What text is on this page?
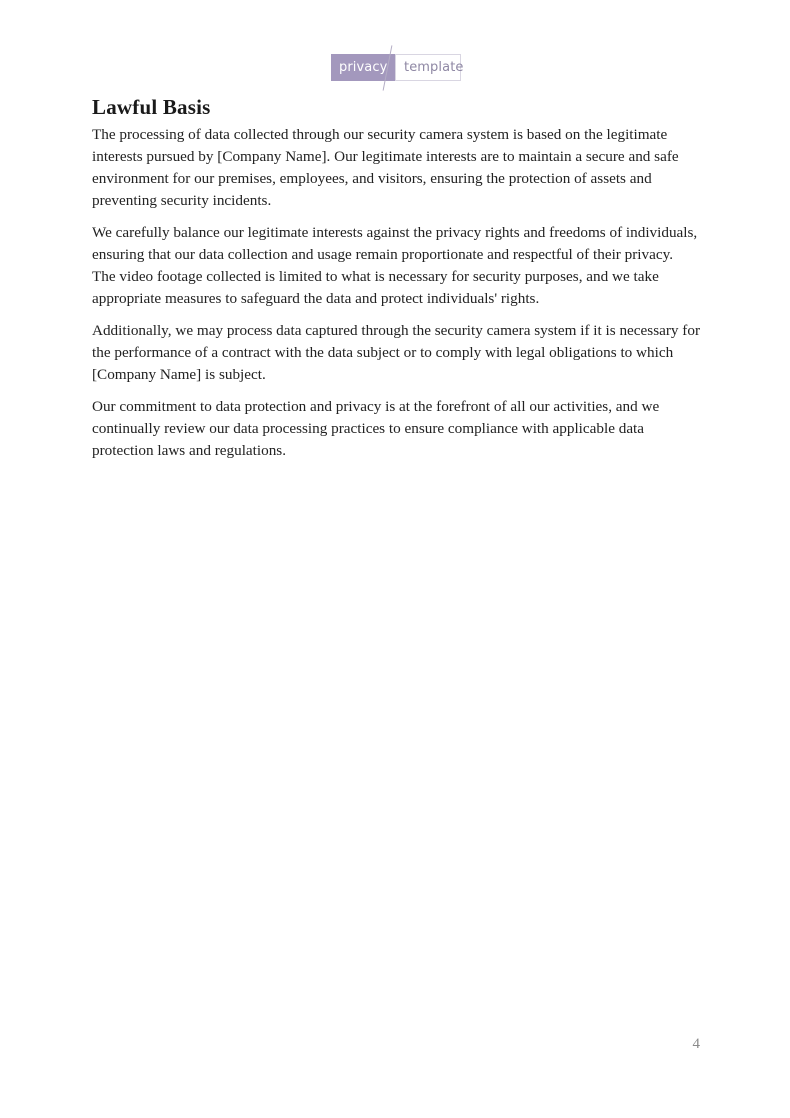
privacy template
Lawful Basis

The processing of data collected through our security camera system is based on the legitimate interests pursued by [Company Name]. Our legitimate interests are to maintain a secure and safe environment for our premises, employees, and visitors, ensuring the protection of assets and preventing security incidents.

We carefully balance our legitimate interests against the privacy rights and freedoms of individuals, ensuring that our data collection and usage remain proportionate and respectful of their privacy. The video footage collected is limited to what is necessary for security purposes, and we take appropriate measures to safeguard the data and protect individuals' rights.

Additionally, we may process data captured through the security camera system if it is necessary for the performance of a contract with the data subject or to comply with legal obligations to which [Company Name] is subject.

Our commitment to data protection and privacy is at the forefront of all our activities, and we continually review our data processing practices to ensure compliance with applicable data protection laws and regulations.

4
